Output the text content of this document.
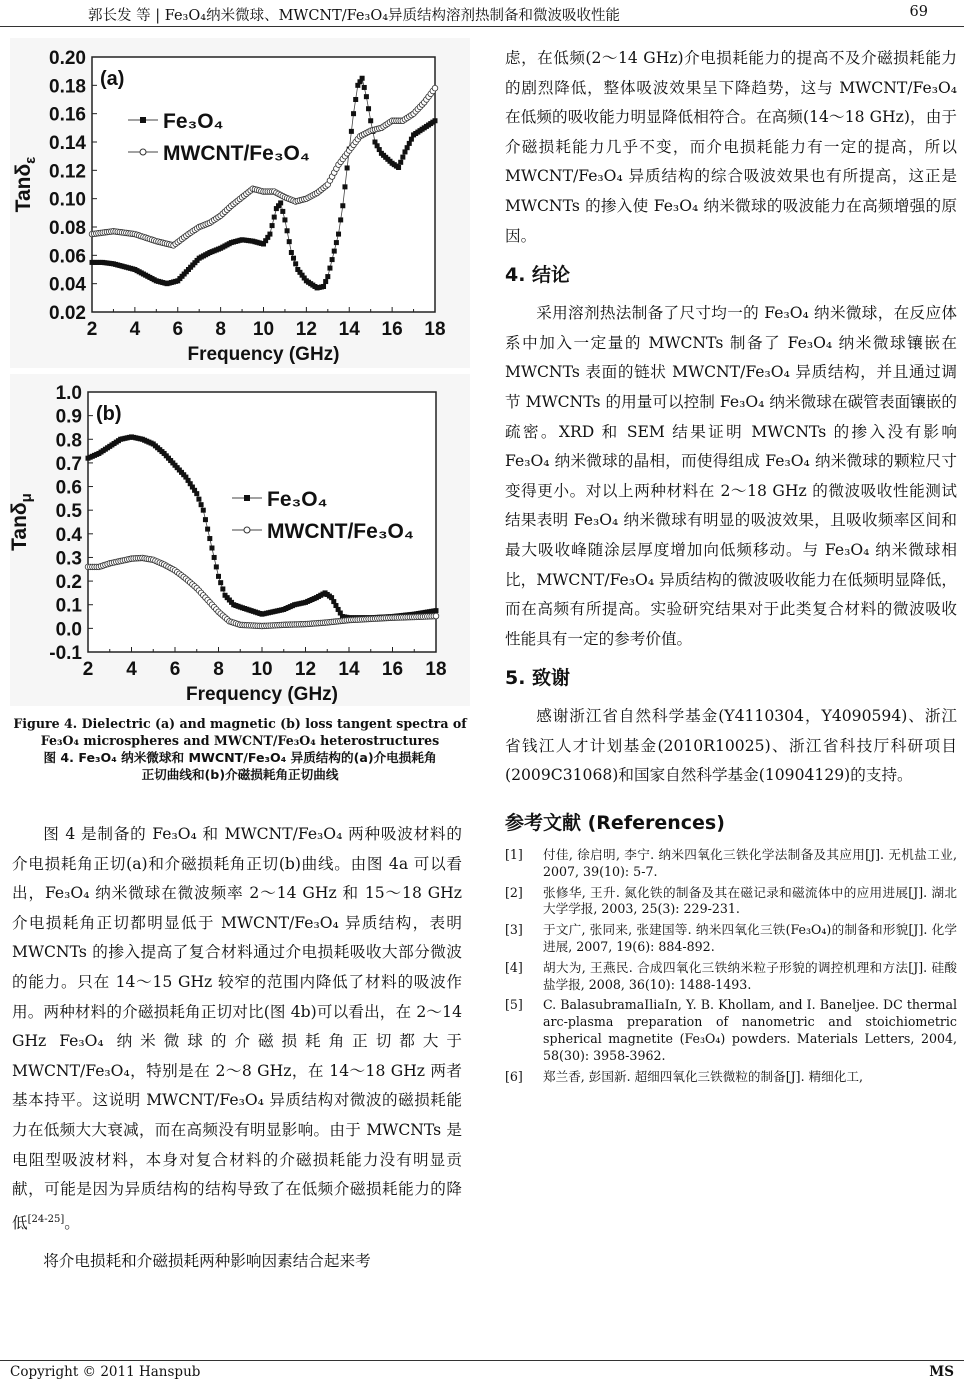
郭长发 等 | Fe₃O₄纳米微球、MWCNT/Fe₃O₄异质结构溶剂热制备和微波吸收性能	69
2 4 6 8 10 12 14 16 18
0.02
0.04
0.06
0.08
0.10
0.12
0.14
0.16
0.18
0.20
Frequency (GHz)
Tanδ$_\varepsilon$
(a)
Fe₃O₄
MWCNT/Fe₃O₄
2 4 6 8 10 12 14 16 18
-0.1
0.0
0.1
0.2
0.3
0.4
0.5
0.6
0.7
0.8
0.9
1.0
Frequency (GHz)
Tanδ$_\mu$
(b)
Fe₃O₄
MWCNT/Fe₃O₄
Figure 4. Dielectric (a) and magnetic (b) loss tangent spectra of Fe₃O₄ microspheres and MWCNT/Fe₃O₄ heterostructures
图 4. Fe₃O₄ 纳米微球和 MWCNT/Fe₃O₄ 异质结构的(a)介电损耗角正切曲线和(b)介磁损耗角正切曲线

图 4 是制备的 Fe₃O₄ 和 MWCNT/Fe₃O₄ 两种吸波材料的介电损耗角正切(a)和介磁损耗角正切(b)曲线。由图 4a 可以看出，Fe₃O₄ 纳米微球在微波频率 2～14 GHz 和 15～18 GHz 介电损耗角正切都明显低于 MWCNT/Fe₃O₄ 异质结构，表明 MWCNTs 的掺入提高了复合材料通过介电损耗吸收大部分微波的能力。只在 14～15 GHz 较窄的范围内降低了材料的吸波作用。两种材料的介磁损耗角正切对比(图 4b)可以看出，在 2～14 GHz Fe₃O₄ 纳米微球的介磁损耗角正切都大于 MWCNT/Fe₃O₄，特别是在 2～8 GHz，在 14～18 GHz 两者基本持平。这说明 MWCNT/Fe₃O₄ 异质结构对微波的磁损耗能力在低频大大衰减，而在高频没有明显影响。由于 MWCNTs 是电阻型吸波材料，本身对复合材料的介磁损耗能力没有明显贡献，可能是因为异质结构的结构导致了在低频介磁损耗能力的降低[24-25]。

将介电损耗和介磁损耗两种影响因素结合起来考

虑，在低频(2～14 GHz)介电损耗能力的提高不及介磁损耗能力的剧烈降低，整体吸波效果呈下降趋势，这与 MWCNT/Fe₃O₄ 在低频的吸收能力明显降低相符合。在高频(14～18 GHz)，由于介磁损耗能力几乎不变，而介电损耗能力有一定的提高，所以 MWCNT/Fe₃O₄ 异质结构的综合吸波效果也有所提高，这正是 MWCNTs 的掺入使 Fe₃O₄ 纳米微球的吸波能力在高频增强的原因。

4. 结论

采用溶剂热法制备了尺寸均一的 Fe₃O₄ 纳米微球，在反应体系中加入一定量的 MWCNTs 制备了 Fe₃O₄ 纳米微球镶嵌在 MWCNTs 表面的链状 MWCNT/Fe₃O₄ 异质结构，并且通过调节 MWCNTs 的用量可以控制 Fe₃O₄ 纳米微球在碳管表面镶嵌的疏密。XRD 和 SEM 结果证明 MWCNTs 的掺入没有影响 Fe₃O₄ 纳米微球的晶相，而使得组成 Fe₃O₄ 纳米微球的颗粒尺寸变得更小。对以上两种材料在 2～18 GHz 的微波吸收性能测试结果表明 Fe₃O₄ 纳米微球有明显的吸波效果，且吸收频率区间和最大吸收峰随涂层厚度增加向低频移动。与 Fe₃O₄ 纳米微球相比，MWCNT/Fe₃O₄ 异质结构的微波吸收能力在低频明显降低，而在高频有所提高。实验研究结果对于此类复合材料的微波吸收性能具有一定的参考价值。

5. 致谢

感谢浙江省自然科学基金(Y4110304，Y4090594)、浙江省钱江人才计划基金(2010R10025)、浙江省科技厅科研项目(2009C31068)和国家自然科学基金(10904129)的支持。

参考文献 (References)
[1]	付佳, 徐启明, 李宁. 纳米四氧化三铁化学法制备及其应用[J]. 无机盐工业, 2007, 39(10): 5-7.
[2]	张修华, 王升. 氮化铁的制备及其在磁记录和磁流体中的应用进展[J]. 湖北大学学报, 2003, 25(3): 229-231.
[3]	于文广, 张同来, 张建国等. 纳米四氧化三铁(Fe₃O₄)的制备和形貌[J]. 化学进展, 2007, 19(6): 884-892.
[4]	胡大为, 王燕民. 合成四氧化三铁纳米粒子形貌的调控机理和方法[J]. 硅酸盐学报, 2008, 36(10): 1488-1493.
[5]	C. BalasubramaIliaIn, Y. B. Khollam, and I. Baneljee. DC thermal arc-plasma preparation of nanometric and stoichiometric spherical magnetite (Fe₃O₄) powders. Materials Letters, 2004, 58(30): 3958-3962.
[6]	郑兰香, 彭国新. 超细四氧化三铁微粒的制备[J]. 精细化工,
Copyright © 2011 Hanspub	MS
